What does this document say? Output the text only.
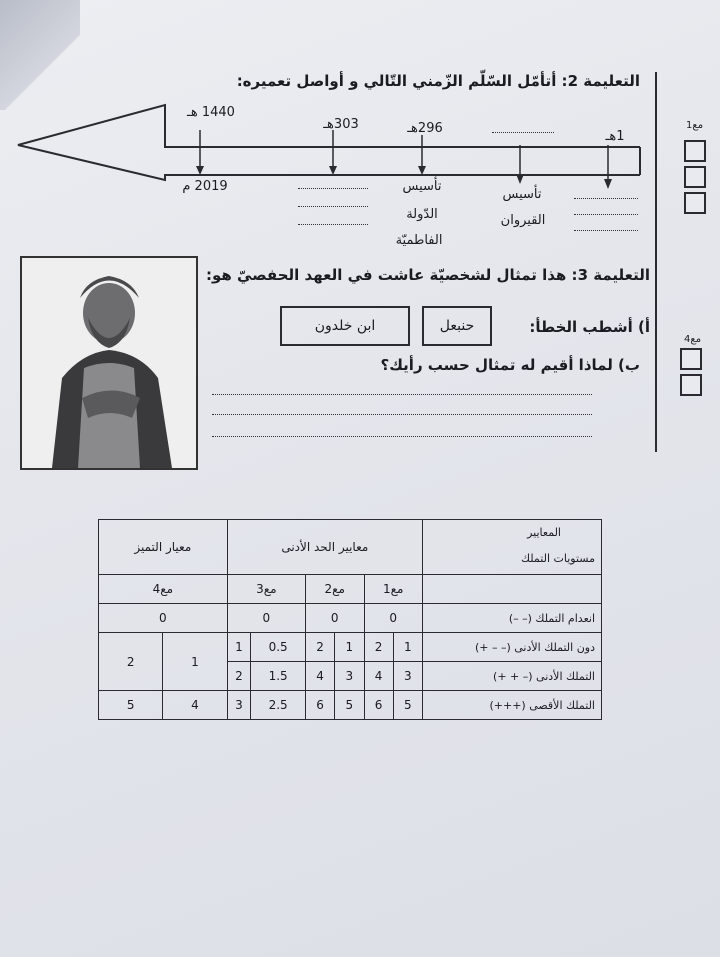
التعليمة 2: أتأمّل السّلّم الزّمني التّالي و أواصل تعميره:
مع1
1440 هـ
303هـ	296هـ
1هـ
2019 م	تأسيس
الدّولة
الفاطميّة
تأسيس
القيروان
التعليمة 3: هذا تمثال لشخصيّة عاشت في العهد الحفصيّ هو:
أ) أشطب الخطأ:
حنبعل
ابن خلدون
ب) لماذا أقيم له تمثال حسب رأيك؟
مع4
المعايير
مستويات التملك	معايير الحد الأدنى						معيار التميز	
	مع1		مع2		مع3		مع4	
انعدام التملك (– –)	0		0		0		0	
دون التملك الأدنى (– – +)	1	2	1	2	0.5	1	1	2
التملك الأدنى (– + +)	3	4	3	4	1.5	2		
التملك الأقصى (+++)	5	6	5	6	2.5	3	4	5
